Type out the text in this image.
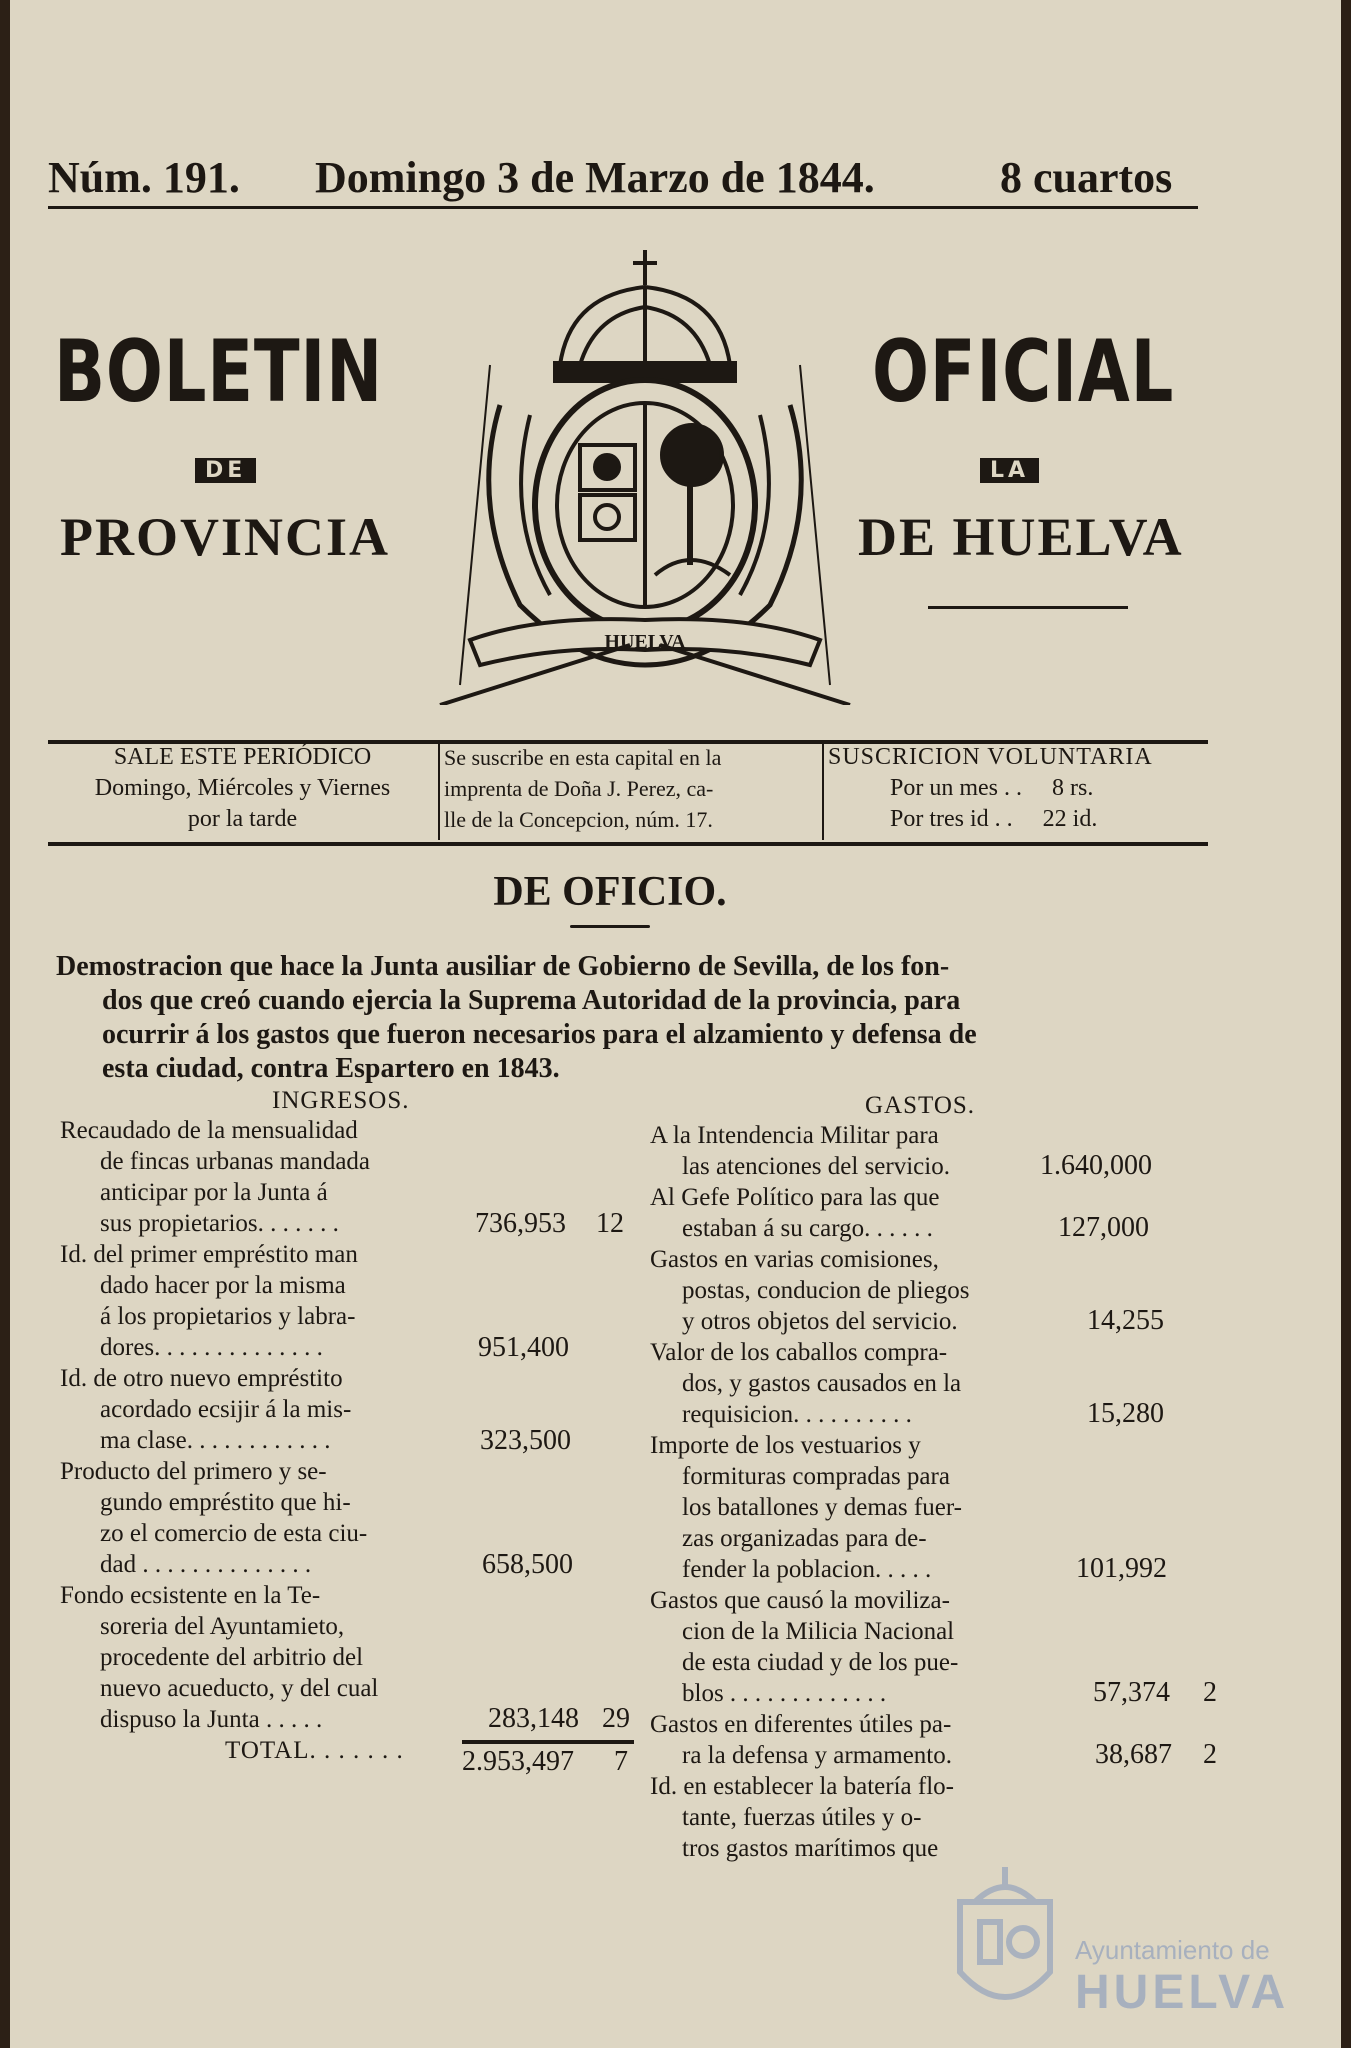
Núm. 191. Domingo 3 de Marzo de 1844.	8 cuartos
BOLETIN
DE
PROVINCIA
OFICIAL
LA
DE HUELVA
HUELVA
SALE ESTE PERIÓDICO
Domingo, Miércoles y Viernes
por la tarde
Se suscribe en esta capital en la
imprenta de Doña J. Perez, ca-
lle de la Concepcion, núm. 17.
SUSCRICION VOLUNTARIA
Por un mes . . 8 rs.
Por tres id . . 22 id.
DE OFICIO.
Demostracion que hace la Junta ausiliar de Gobierno de Sevilla, de los fon-
dos que creó cuando ejercia la Suprema Autoridad de la provincia, para
ocurrir á los gastos que fueron necesarios para el alzamiento y defensa de
esta ciudad, contra Espartero en 1843.
INGRESOS.	GASTOS.
Recaudado de la mensualidad
de fincas urbanas mandada
anticipar por la Junta á
sus propietarios. . . . . . .
Id. del primer empréstito man
dado hacer por la misma
á los propietarios y labra-
dores. . . . . . . . . . . . . .
Id. de otro nuevo empréstito
acordado ecsijir á la mis-
ma clase. . . . . . . . . . . .
Producto del primero y se-
gundo empréstito que hi-
zo el comercio de esta ciu-
dad . . . . . . . . . . . . . .
Fondo ecsistente en la Te-
soreria del Ayuntamieto,
procedente del arbitrio del
nuevo acueducto, y del cual
dispuso la Junta . . . . .
TOTAL. . . . . . .
736,953 12
951,400
323,500
658,500
283,148 29
2.953,497 7
A la Intendencia Militar para
las atenciones del servicio.
Al Gefe Político para las que
estaban á su cargo. . . . . .
Gastos en varias comisiones,
postas, conducion de pliegos
y otros objetos del servicio.
Valor de los caballos compra-
dos, y gastos causados en la
requisicion. . . . . . . . . .
Importe de los vestuarios y
formituras compradas para
los batallones y demas fuer-
zas organizadas para de-
fender la poblacion. . . . .
Gastos que causó la moviliza-
cion de la Milicia Nacional
de esta ciudad y de los pue-
blos . . . . . . . . . . . . .
Gastos en diferentes útiles pa-
ra la defensa y armamento.
Id. en establecer la batería flo-
tante, fuerzas útiles y o-
tros gastos marítimos que
1.640,000
127,000
14,255
15,280
101,992
57,374 2
38,687 2
Ayuntamiento de
HUELVA
